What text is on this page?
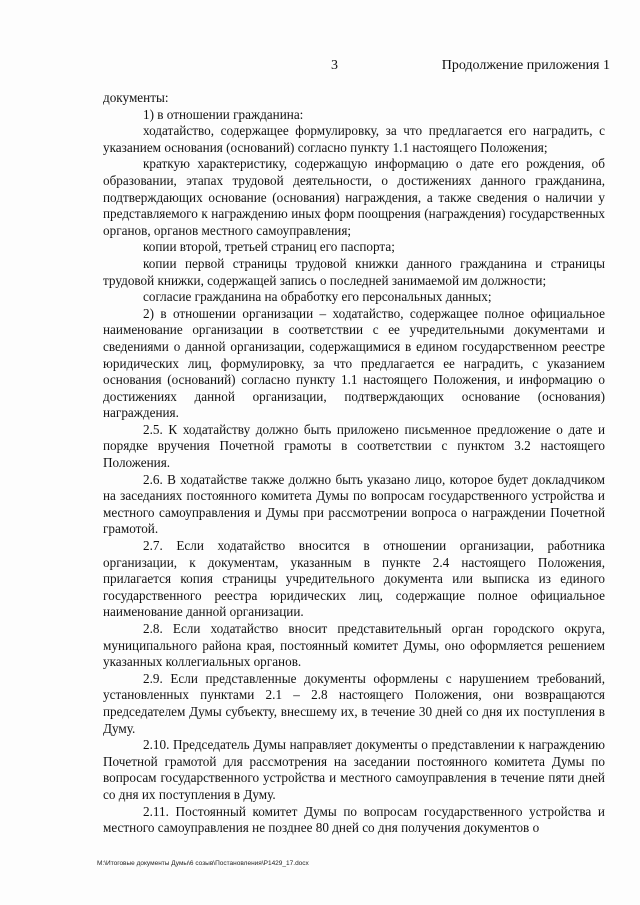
3	Продолжение приложения 1

документы:

1) в отношении гражданина:

ходатайство, содержащее формулировку, за что предлагается его наградить, с указанием основания (оснований) согласно пункту 1.1 настоящего Положения;

краткую характеристику, содержащую информацию о дате его рождения, об образовании, этапах трудовой деятельности, о достижениях данного гражданина, подтверждающих основание (основания) награждения, а также сведения о наличии у представляемого к награждению иных форм поощрения (награждения) государственных органов, органов местного самоуправления;

копии второй, третьей страниц его паспорта;

копии первой страницы трудовой книжки данного гражданина и страницы трудовой книжки, содержащей запись о последней занимаемой им должности;

согласие гражданина на обработку его персональных данных;

2) в отношении организации – ходатайство, содержащее полное официальное наименование организации в соответствии с ее учредительными документами и сведениями о данной организации, содержащимися в едином государственном реестре юридических лиц, формулировку, за что предлагается ее наградить, с указанием основания (оснований) согласно пункту 1.1 настоящего Положения, и информацию о достижениях данной организации, подтверждающих основание (основания) награждения.

2.5. К ходатайству должно быть приложено письменное предложение о дате и порядке вручения Почетной грамоты в соответствии с пунктом 3.2 настоящего Положения.

2.6. В ходатайстве также должно быть указано лицо, которое будет докладчиком на заседаниях постоянного комитета Думы по вопросам государственного устройства и местного самоуправления и Думы при рассмотрении вопроса о награждении Почетной грамотой.

2.7. Если ходатайство вносится в отношении организации, работника организации, к документам, указанным в пункте 2.4 настоящего Положения, прилагается копия страницы учредительного документа или выписка из единого государственного реестра юридических лиц, содержащие полное официальное наименование данной организации.

2.8. Если ходатайство вносит представительный орган городского округа, муниципального района края, постоянный комитет Думы, оно оформляется решением указанных коллегиальных органов.

2.9. Если представленные документы оформлены с нарушением требований, установленных пунктами 2.1 – 2.8 настоящего Положения, они возвращаются председателем Думы субъекту, внесшему их, в течение 30 дней со дня их поступления в Думу.

2.10. Председатель Думы направляет документы о представлении к награждению Почетной грамотой для рассмотрения на заседании постоянного комитета Думы по вопросам государственного устройства и местного самоуправления в течение пяти дней со дня их поступления в Думу.

2.11. Постоянный комитет Думы по вопросам государственного устройства и местного самоуправления не позднее 80 дней со дня получения документов о

M:\Итоговые документы Думы\6 созыв\Постановления\P1429_17.docx
